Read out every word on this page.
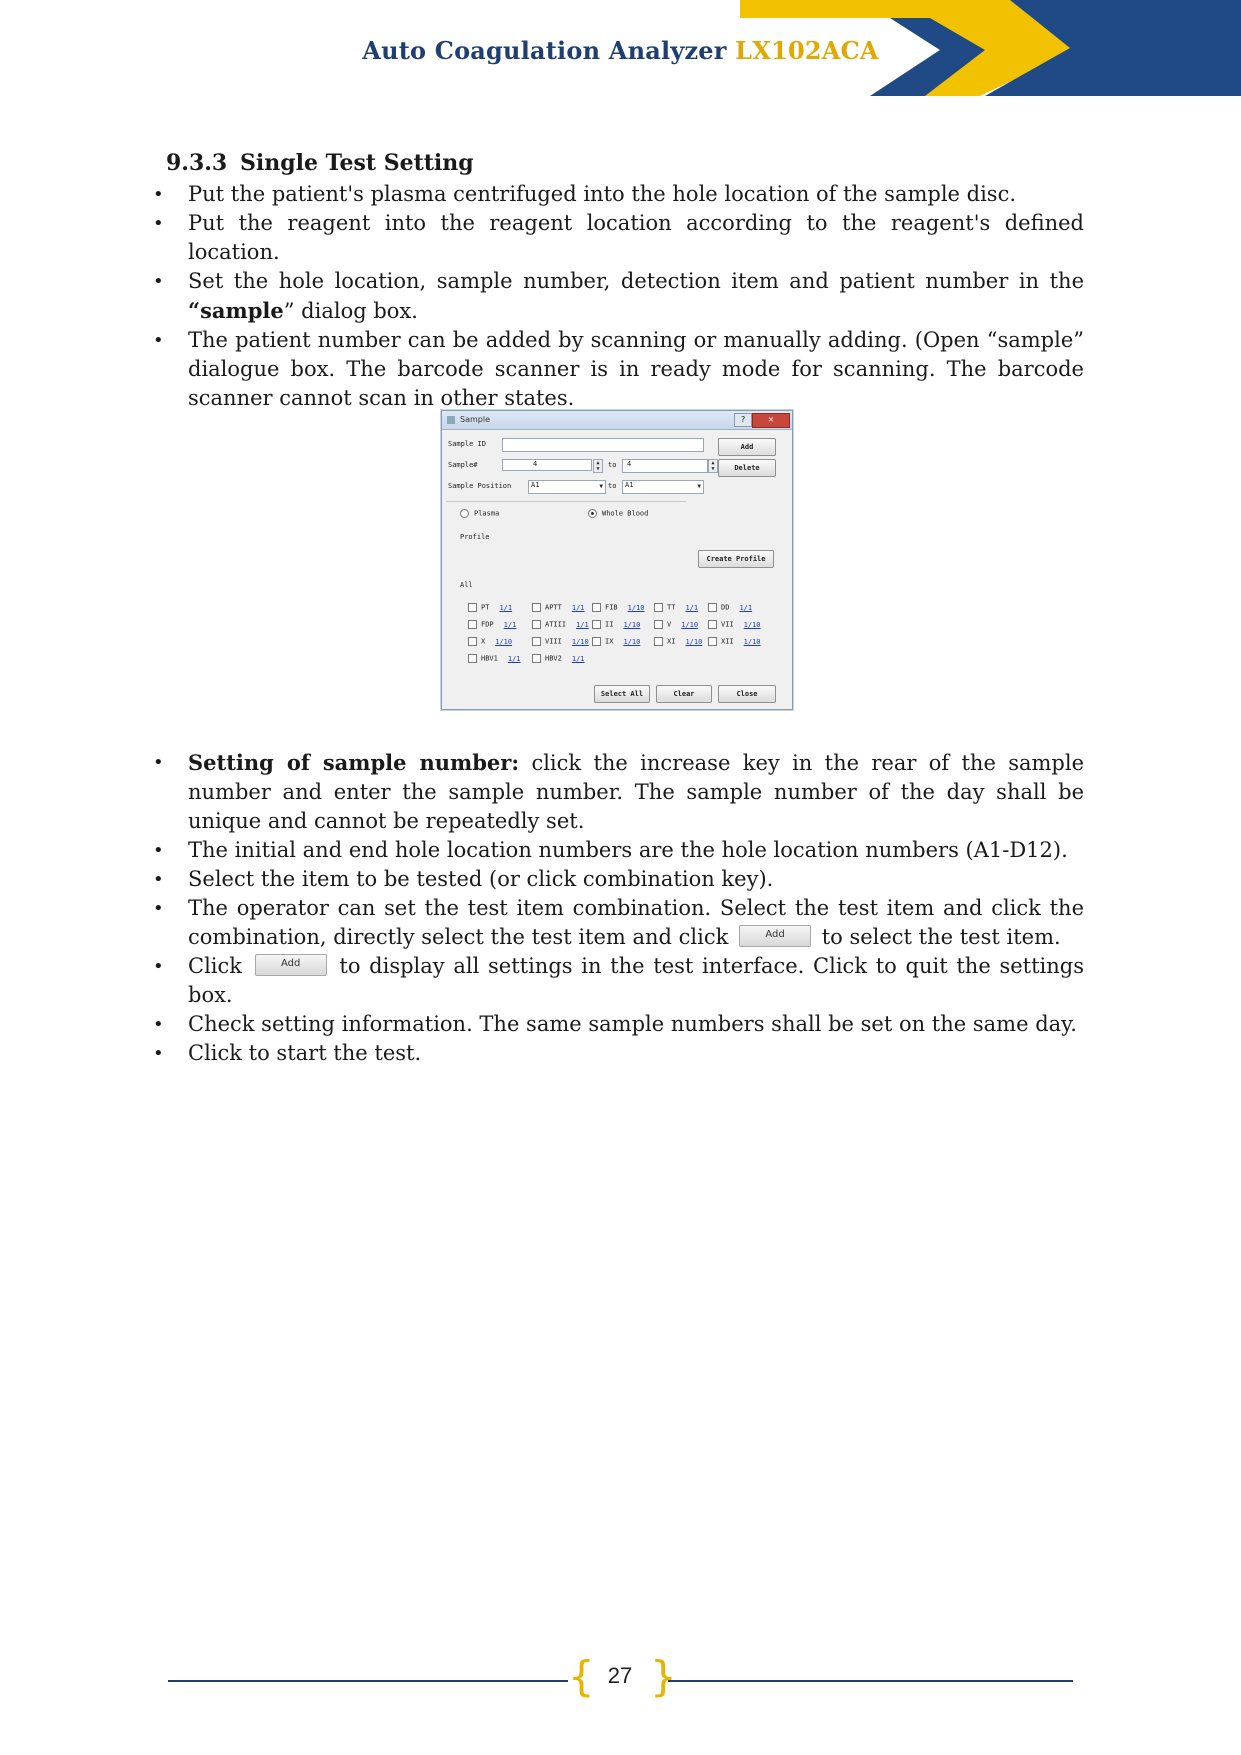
Auto Coagulation Analyzer LX102ACA
9.3.3 Single Test Setting
• Put the patient's plasma centrifuged into the hole location of the sample disc.
• Put the reagent into the reagent location according to the reagent's defined location.
• Set the hole location, sample number, detection item and patient number in the “sample” dialog box.
• The patient number can be added by scanning or manually adding. (Open “sample” dialogue box. The barcode scanner is in ready mode for scanning. The barcode scanner cannot scan in other states.
Sample	?	✕
Sample ID	Add
Sample#	4	▲
▼	to	4	▲
▼	Delete
Sample Position	A1	▼ to	A1	▼
Plasma	Whole Blood
Profile
Create Profile
All
PT 1/1	APTT 1/1	FIB 1/10	TT 1/1	DD 1/1
FDP 1/1	ATIII 1/1	II 1/10	V 1/10	VII 1/10
X 1/10	VIII 1/10	IX 1/10	XI 1/10	XII 1/10
HBV1 1/1	HBV2 1/1
Select All	Clear	Close
• Setting of sample number: click the increase key in the rear of the sample number and enter the sample number. The sample number of the day shall be unique and cannot be repeatedly set.
• The initial and end hole location numbers are the hole location numbers (A1-D12).
• Select the item to be tested (or click combination key).
• The operator can set the test item combination. Select the test item and click the combination, directly select the test item and click	Add to select the test item.
• Click	Add to display all settings in the test interface. Click to quit the settings box.
• Check setting information. The same sample numbers shall be set on the same day.
• Click to start the test.
{ 27 }
